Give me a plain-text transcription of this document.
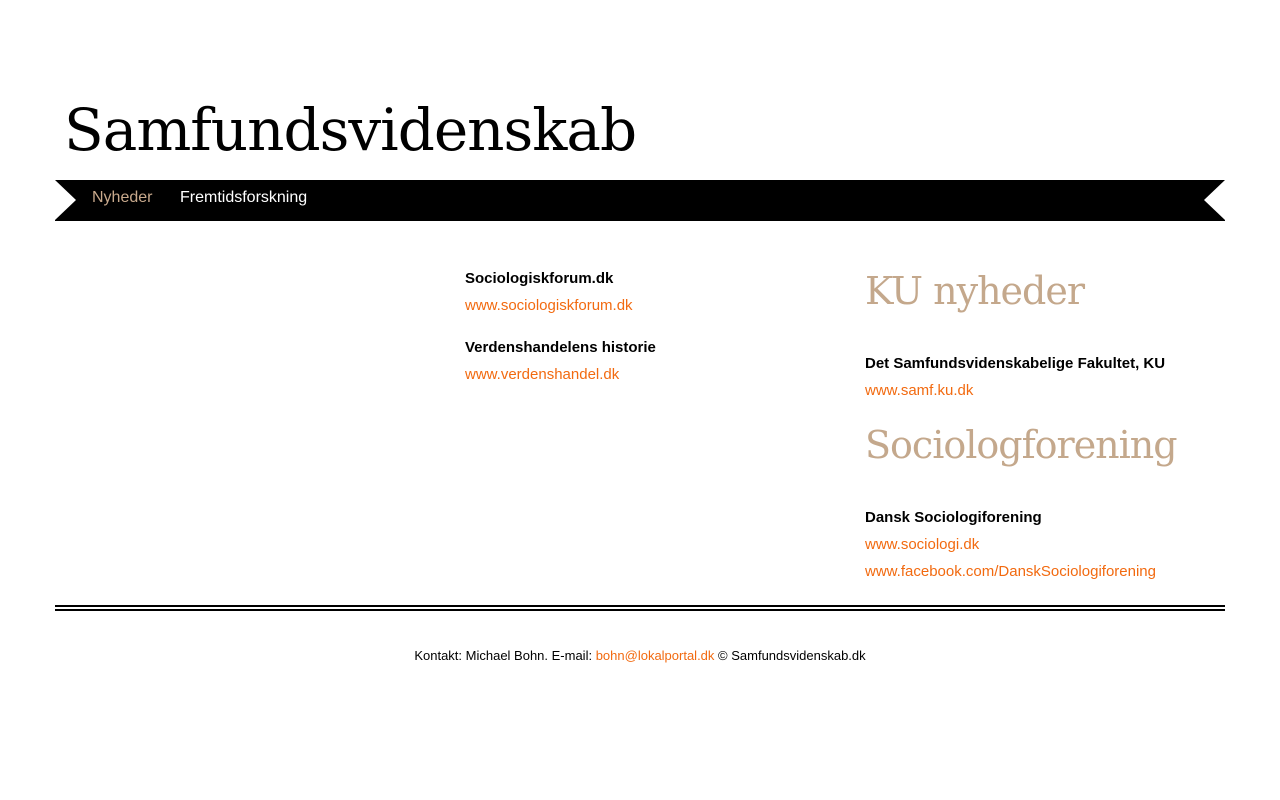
Samfundsvidenskab
Nyheder Fremtidsforskning

Sociologiskforum.dk

www.sociologiskforum.dk

Verdenshandelens historie

www.verdenshandel.dk
KU nyheder

Det Samfundsvidenskabelige Fakultet, KU

www.samf.ku.dk
Sociologforening

Dansk Sociologiforening

www.sociologi.dk
www.facebook.com/DanskSociologiforening
Kontakt: Michael Bohn. E-mail: bohn@lokalportal.dk © Samfundsvidenskab.dk
